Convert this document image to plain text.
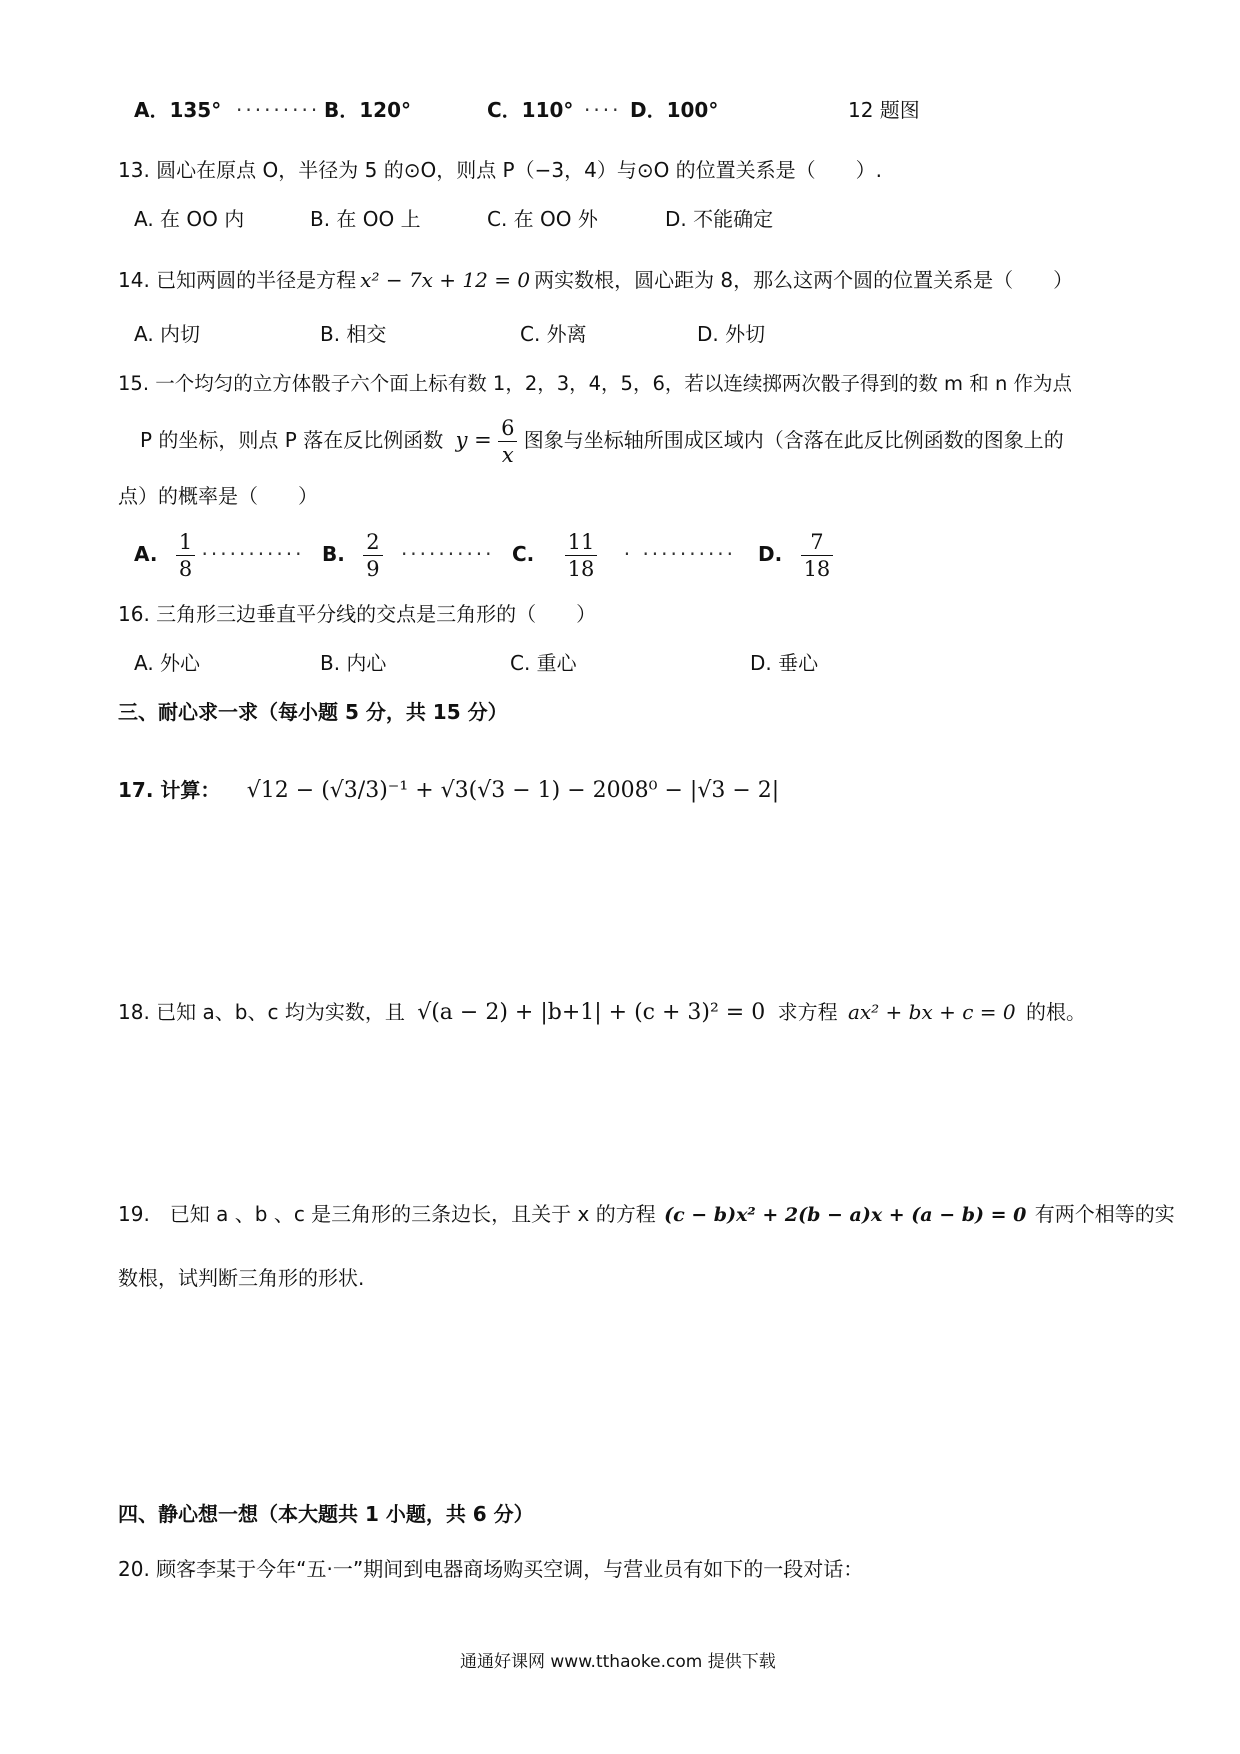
A．135° ········· B．120°	C．110° ···· D．100°	12 题图
13. 圆心在原点 O，半径为 5 的⊙O，则点 P（−3，4）与⊙O 的位置关系是（　　）.
A. 在 OO 内	B. 在 OO 上	C. 在 OO 外	D. 不能确定
14. 已知两圆的半径是方程 x² − 7x + 12 = 0 两实数根，圆心距为 8，那么这两个圆的位置关系是（　　）
A. 内切	B. 相交	C. 外离	D. 外切
15. 一个均匀的立方体骰子六个面上标有数 1，2，3，4，5，6，若以连续掷两次骰子得到的数 m 和 n 作为点
P 的坐标，则点 P 落在反比例函数 $y = \frac{6}{x}$ 图象与坐标轴所围成区域内（含落在此反比例函数的图象上的
点）的概率是（　　）
A. $\frac{1}{8}$ ··········· B. $\frac{2}{9}$ ·········· C. $\frac{11}{18}$ · ·········· D. $\frac{7}{18}$
16. 三角形三边垂直平分线的交点是三角形的（　　）
A. 外心	B. 内心	C. 重心	D. 垂心
三、耐心求一求（每小题 5 分，共 15 分）
17. 计算： √12 − (√3/3)⁻¹ + √3(√3 − 1) − 2008⁰ − |√3 − 2|
18. 已知 a、b、c 均为实数，且 √(a − 2) + |b+1| + (c + 3)² = 0 求方程 ax² + bx + c = 0 的根。
19.　已知 a 、b 、c 是三角形的三条边长，且关于 x 的方程 (c − b)x² + 2(b − a)x + (a − b) = 0 有两个相等的实
数根，试判断三角形的形状.
四、静心想一想（本大题共 1 小题，共 6 分）
20. 顾客李某于今年“五·一”期间到电器商场购买空调，与营业员有如下的一段对话：
通通好课网 www.tthaoke.com 提供下载
